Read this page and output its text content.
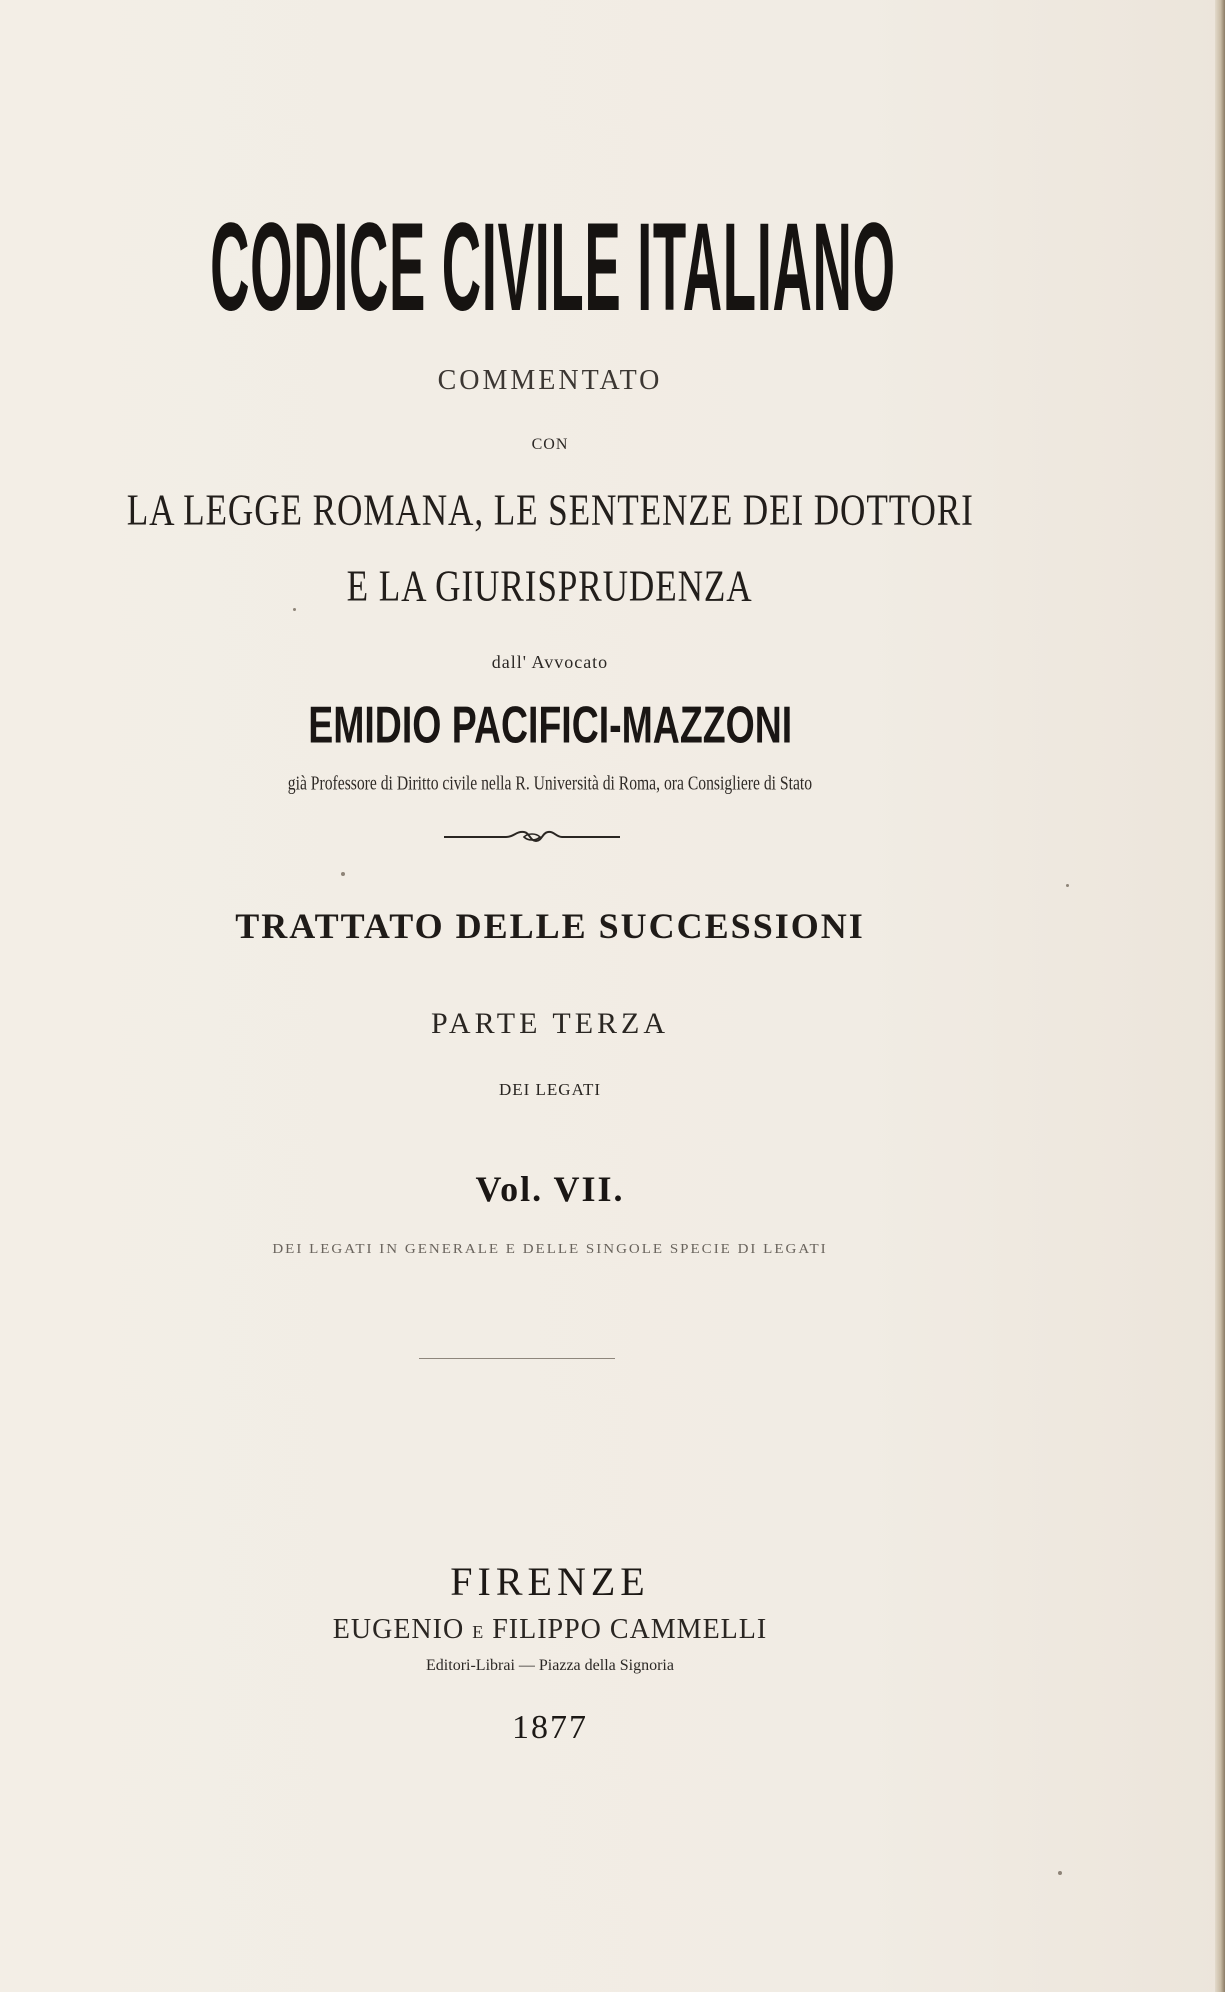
CODICE CIVILE ITALIANO
COMMENTATO
CON
LA LEGGE ROMANA, LE SENTENZE DEI DOTTORI
E LA GIURISPRUDENZA
dall' Avvocato
EMIDIO PACIFICI-MAZZONI
già Professore di Diritto civile nella R. Università di Roma, ora Consigliere di Stato
TRATTATO DELLE SUCCESSIONI
PARTE TERZA
DEI LEGATI
Vol. VII.
DEI LEGATI IN GENERALE E DELLE SINGOLE SPECIE DI LEGATI
FIRENZE
EUGENIO E FILIPPO CAMMELLI
Editori-Librai — Piazza della Signoria
1877
